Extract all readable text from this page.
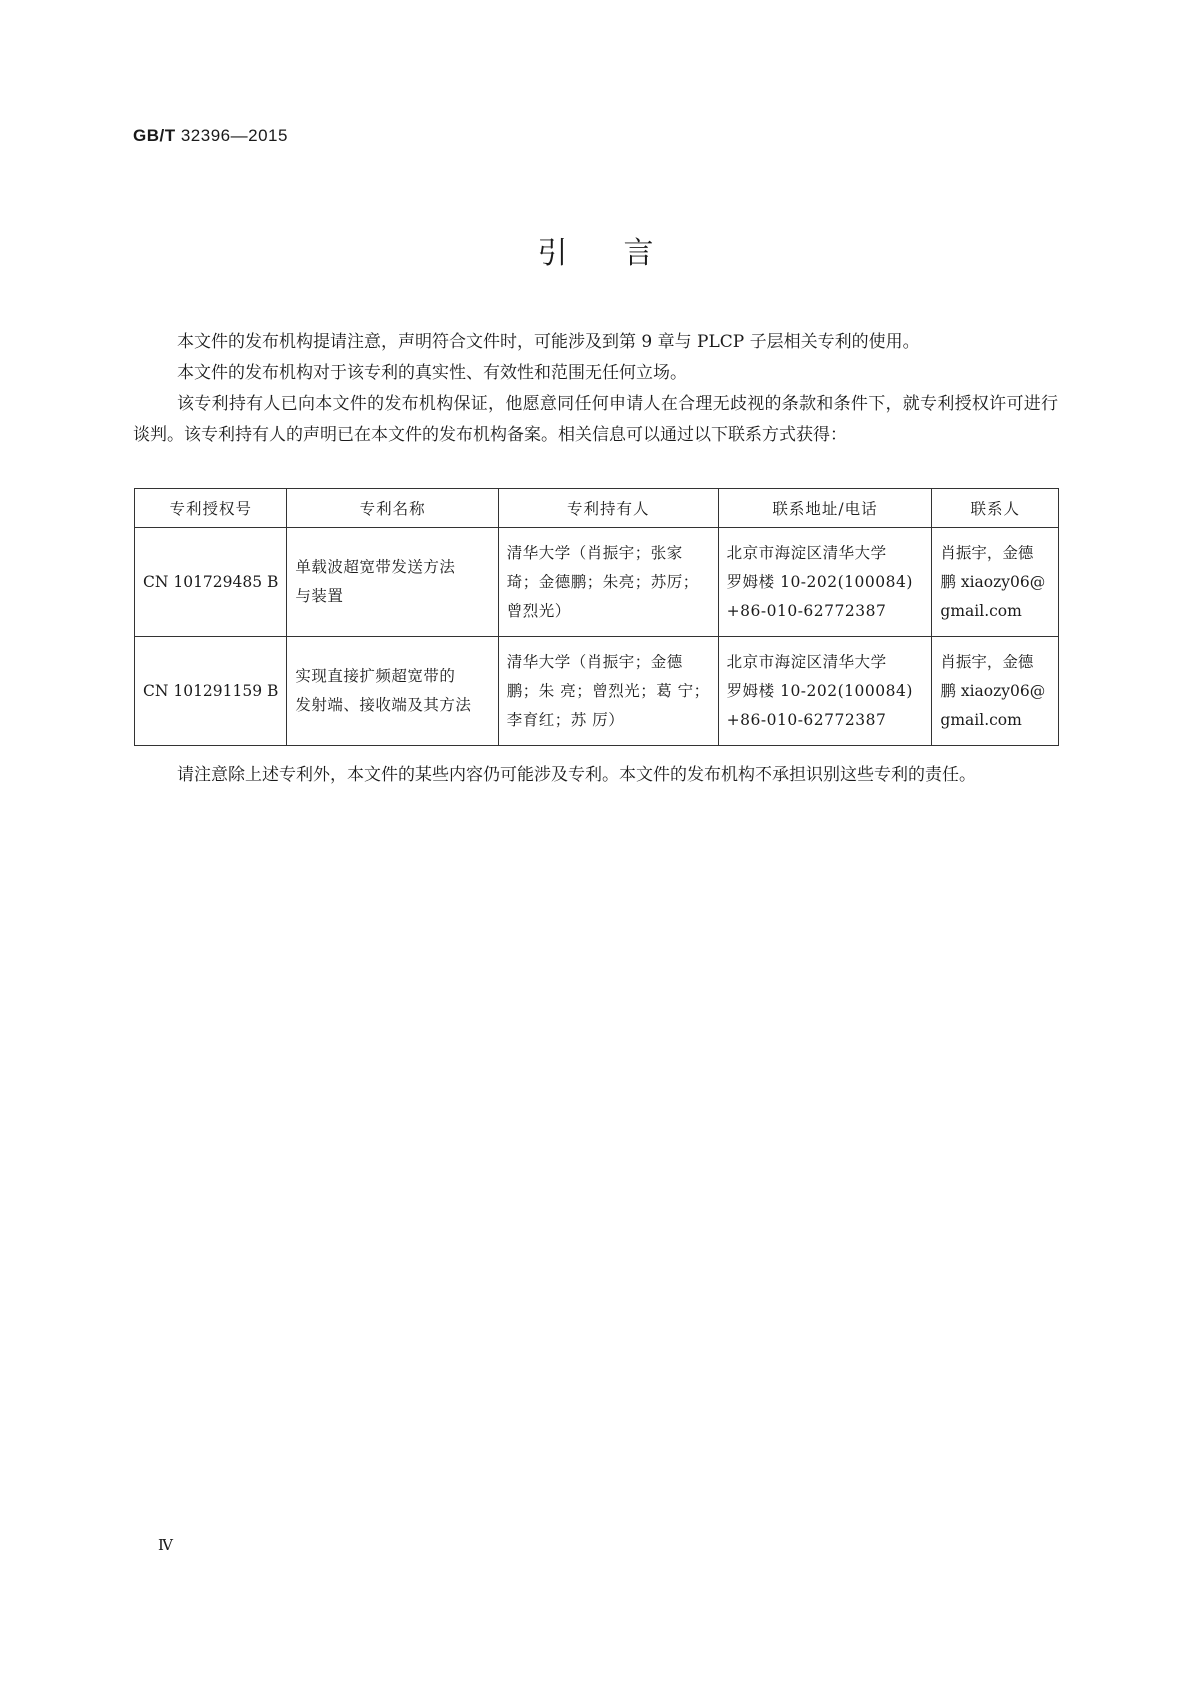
GB/T 32396—2015
引言

本文件的发布机构提请注意，声明符合文件时，可能涉及到第 9 章与 PLCP 子层相关专利的使用。

本文件的发布机构对于该专利的真实性、有效性和范围无任何立场。

该专利持有人已向本文件的发布机构保证，他愿意同任何申请人在合理无歧视的条款和条件下，就专利授权许可进行谈判。该专利持有人的声明已在本文件的发布机构备案。相关信息可以通过以下联系方式获得：

专利授权号	专利名称	专利持有人	联系地址/电话	联系人
CN 101729485 B	单载波超宽带发送方法
与装置	清华大学（肖振宇；张家
琦；金德鹏；朱亮；苏厉；
曾烈光）	北京市海淀区清华大学
罗姆楼 10-202(100084)
+86-010-62772387	肖振宇，金德
鹏 xiaozy06@
gmail.com

CN 101291159 B	实现直接扩频超宽带的
发射端、接收端及其方法	清华大学（肖振宇；金德
鹏；朱 亮；曾烈光；葛 宁；
李育红；苏 厉）	北京市海淀区清华大学
罗姆楼 10-202(100084)
+86-010-62772387	肖振宇，金德
鹏 xiaozy06@
gmail.com

请注意除上述专利外，本文件的某些内容仍可能涉及专利。本文件的发布机构不承担识别这些专利的责任。

Ⅳ
